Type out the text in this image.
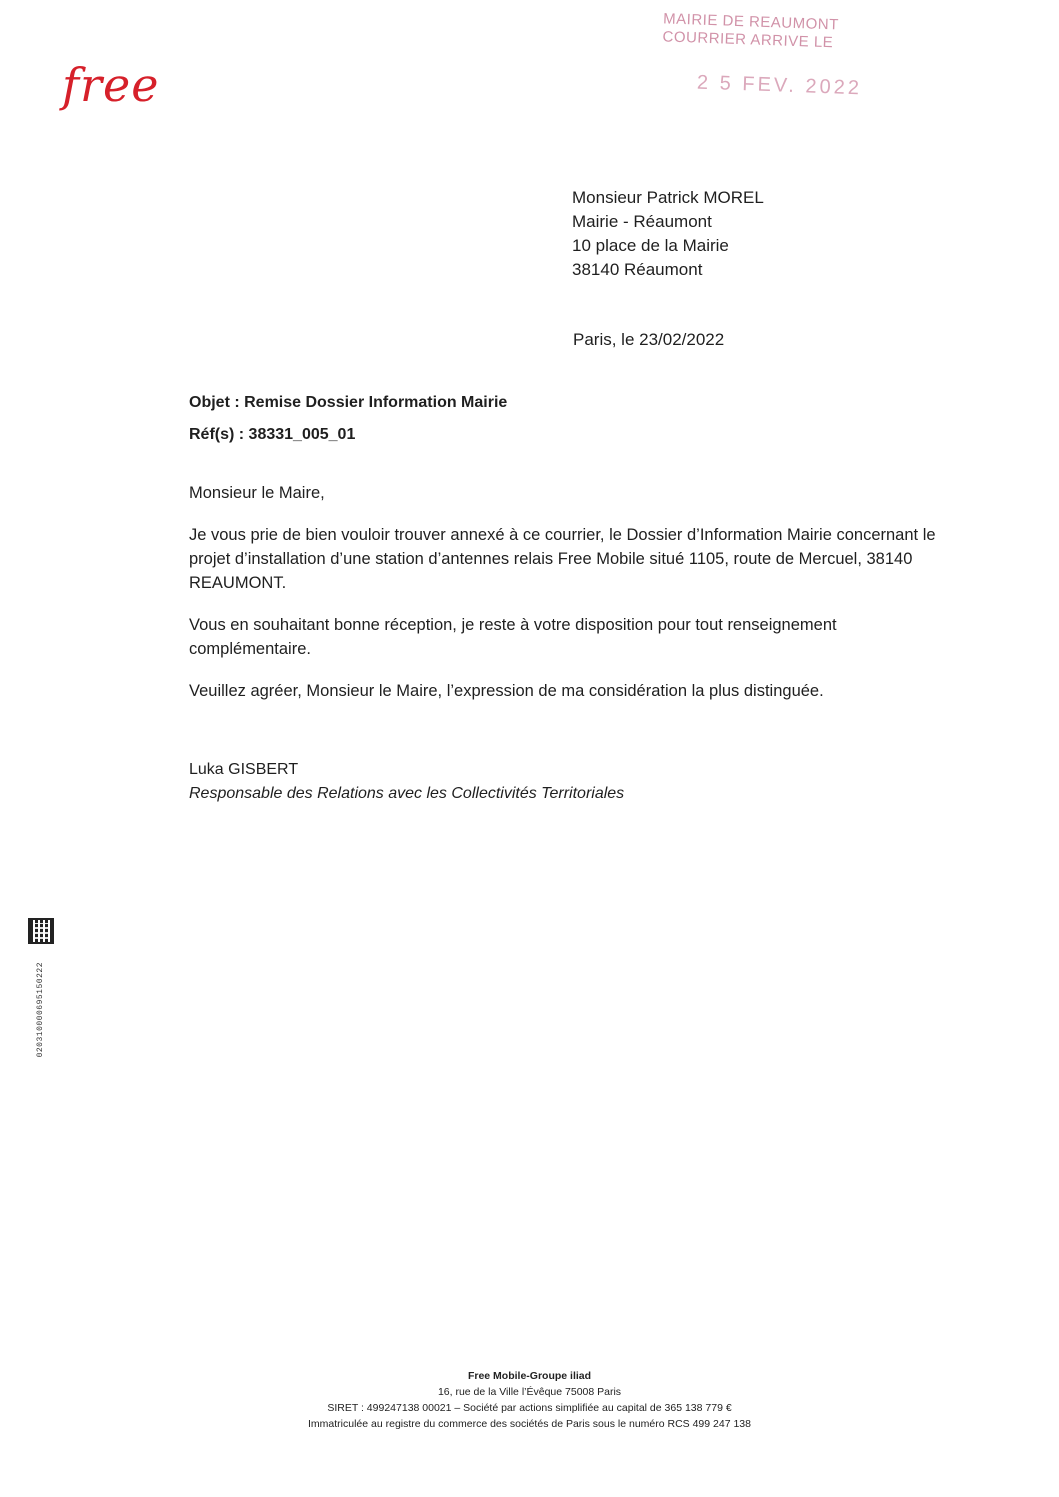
free
MAIRIE DE REAUMONT
COURRIER ARRIVE LE
2 5 FEV. 2022
Monsieur Patrick MOREL
Mairie - Réaumont
10 place de la Mairie
38140 Réaumont
Paris, le 23/02/2022
Objet : Remise Dossier Information Mairie
Réf(s) : 38331_005_01

Monsieur le Maire,

Je vous prie de bien vouloir trouver annexé à ce courrier, le Dossier d’Information Mairie concernant le projet d’installation d’une station d’antennes relais Free Mobile situé 1105, route de Mercuel, 38140 REAUMONT.

Vous en souhaitant bonne réception, je reste à votre disposition pour tout renseignement complémentaire.

Veuillez agréer, Monsieur le Maire, l’expression de ma considération la plus distinguée.

Luka GISBERT
Responsable des Relations avec les Collectivités Territoriales
020310000695150222
Free Mobile-Groupe iliad
16, rue de la Ville l’Évêque 75008 Paris
SIRET : 499247138 00021 – Société par actions simplifiée au capital de 365 138 779 €
Immatriculée au registre du commerce des sociétés de Paris sous le numéro RCS 499 247 138
